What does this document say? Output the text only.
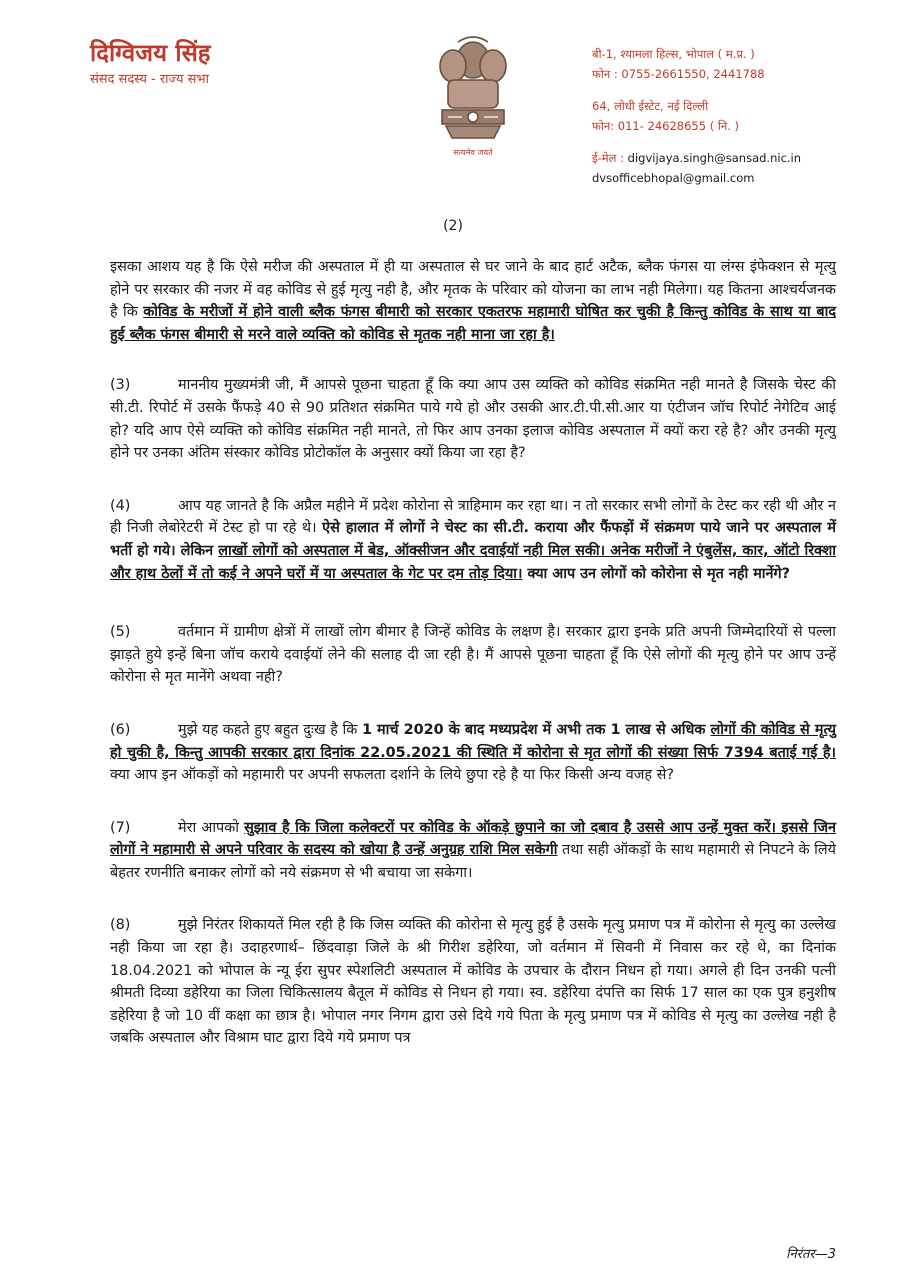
दिग्विजय सिंह
संसद सदस्य - राज्य सभा
सत्यमेव जयते
बी-1, श्यामला हिल्स, भोपाल ( म.प्र. )
फोन : 0755-2661550, 2441788
64, लोधी ईस्टेट, नई दिल्ली
फोन: 011- 24628655 ( नि. )
ई-मेल : digvijaya.singh@sansad.nic.in
dvsofficebhopal@gmail.com
(2)

इसका आशय यह है कि ऐसे मरीज की अस्पताल में ही या अस्पताल से घर जाने के बाद हार्ट अटैक, ब्लैक फंगस या लंग्स इंफेक्शन से मृत्यु होने पर सरकार की नजर में वह कोविड से हुई मृत्यु नही है, और मृतक के परिवार को योजना का लाभ नही मिलेगा। यह कितना आश्चर्यजनक है कि कोविड के मरीजों में होने वाली ब्लैक फंगस बीमारी को सरकार एकतरफ महामारी घोषित कर चुकी है किन्तु कोविड के साथ या बाद हुई ब्लैक फंगस बीमारी से मरने वाले व्यक्ति को कोविड से मृतक नही माना जा रहा है।

(3)	माननीय मुख्यमंत्री जी, मैं आपसे पूछना चाहता हूँ कि क्या आप उस व्यक्ति को कोविड संक्रमित नही मानते है जिसके चेस्ट की सी.टी. रिपोर्ट में उसके फैंफड़े 40 से 90 प्रतिशत संक्रमित पाये गये हो और उसकी आर.टी.पी.सी.आर या एंटीजन जॉच रिपोर्ट नेगेटिव आई हो? यदि आप ऐसे व्यक्ति को कोविड संक्रमित नही मानते, तो फिर आप उनका इलाज कोविड अस्पताल में क्यों करा रहे है? और उनकी मृत्यु होने पर उनका अंतिम संस्कार कोविड प्रोटोकॉल के अनुसार क्यों किया जा रहा है?

(4)	आप यह जानते है कि अप्रैल महीने में प्रदेश कोरोना से त्राहिमाम कर रहा था। न तो सरकार सभी लोगों के टेस्ट कर रही थी और न ही निजी लेबोरेटरी में टेस्ट हो पा रहे थे। ऐसे हालात में लोगों ने चेस्ट का सी.टी. कराया और फैंफड़ों में संक्रमण पाये जाने पर अस्पताल में भर्ती हो गये। लेकिन लाखों लोगों को अस्पताल में बेड, ऑक्सीजन और दवाईयॉ नही मिल सकी। अनेक मरीजों ने एंबुलेंस, कार, ऑटो रिक्शा और हाथ ठेलों में तो कई ने अपने घरों में या अस्पताल के गेट पर दम तोड़ दिया। क्या आप उन लोगों को कोरोना से मृत नही मानेंगे?

(5)	वर्तमान में ग्रामीण क्षेत्रों में लाखों लोग बीमार है जिन्हें कोविड के लक्षण है। सरकार द्वारा इनके प्रति अपनी जिम्मेदारियों से पल्ला झाड़ते हुये इन्हें बिना जॉच कराये दवाईयॉ लेने की सलाह दी जा रही है। मैं आपसे पूछना चाहता हूँ कि ऐसे लोगों की मृत्यु होने पर आप उन्हें कोरोना से मृत मानेंगे अथवा नही?

(6)	मुझे यह कहते हुए बहुत दुःख है कि 1 मार्च 2020 के बाद मध्यप्रदेश में अभी तक 1 लाख से अधिक लोगों की कोविड से मृत्यु हो चुकी है, किन्तु आपकी सरकार द्वारा दिनांक 22.05.2021 की स्थिति में कोरोना से मृत लोगों की संख्या सिर्फ 7394 बताई गई है। क्या आप इन ऑकड़ों को महामारी पर अपनी सफलता दर्शाने के लिये छुपा रहे है या फिर किसी अन्य वजह से?

(7)	मेरा आपको सुझाव है कि जिला कलेक्टरों पर कोविड के ऑकड़े छुपाने का जो दबाव है उससे आप उन्हें मुक्त करें। इससे जिन लोगों ने महामारी से अपने परिवार के सदस्य को खोया है उन्हें अनुग्रह राशि मिल सकेगी तथा सही ऑकड़ों के साथ महामारी से निपटने के लिये बेहतर रणनीति बनाकर लोगों को नये संक्रमण से भी बचाया जा सकेगा।

(8)	मुझे निरंतर शिकायतें मिल रही है कि जिस व्यक्ति की कोरोना से मृत्यु हुई है उसके मृत्यु प्रमाण पत्र में कोरोना से मृत्यु का उल्लेख नही किया जा रहा है। उदाहरणार्थ– छिंदवाड़ा जिले के श्री गिरीश डहेरिया, जो वर्तमान में सिवनी में निवास कर रहे थे, का दिनांक 18.04.2021 को भोपाल के न्यू ईरा सुपर स्पेशलिटी अस्पताल में कोविड के उपचार के दौरान निधन हो गया। अगले ही दिन उनकी पत्नी श्रीमती दिव्या डहेरिया का जिला चिकित्सालय बैतूल में कोविड से निधन हो गया। स्व. डहेरिया दंपत्ति का सिर्फ 17 साल का एक पुत्र हनुशीष डहेरिया है जो 10 वीं कक्षा का छात्र है। भोपाल नगर निगम द्वारा उसे दिये गये पिता के मृत्यु प्रमाण पत्र में कोविड से मृत्यु का उल्लेख नही है जबकि अस्पताल और विश्राम घाट द्वारा दिये गये प्रमाण पत्र

निरंतर—3
